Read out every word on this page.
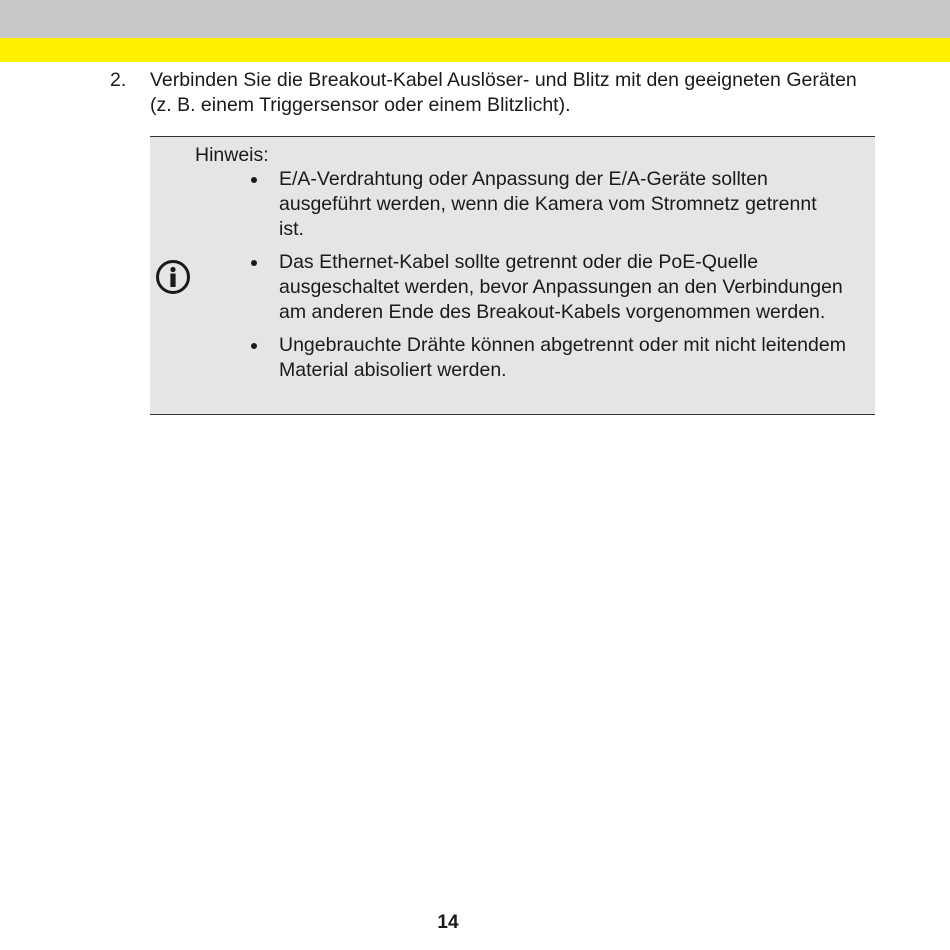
2. Verbinden Sie die Breakout-Kabel Auslöser- und Blitz mit den geeigneten Geräten (z. B. einem Triggersensor oder einem Blitzlicht).
Hinweis:
E/A-Verdrahtung oder Anpassung der E/A-Geräte sollten ausgeführt werden, wenn die Kamera vom Stromnetz getrennt ist.
Das Ethernet-Kabel sollte getrennt oder die PoE-Quelle ausgeschaltet werden, bevor Anpassungen an den Verbindungen am anderen Ende des Breakout-Kabels vorgenommen werden.
Ungebrauchte Drähte können abgetrennt oder mit nicht leitendem Material abisoliert werden.
14
